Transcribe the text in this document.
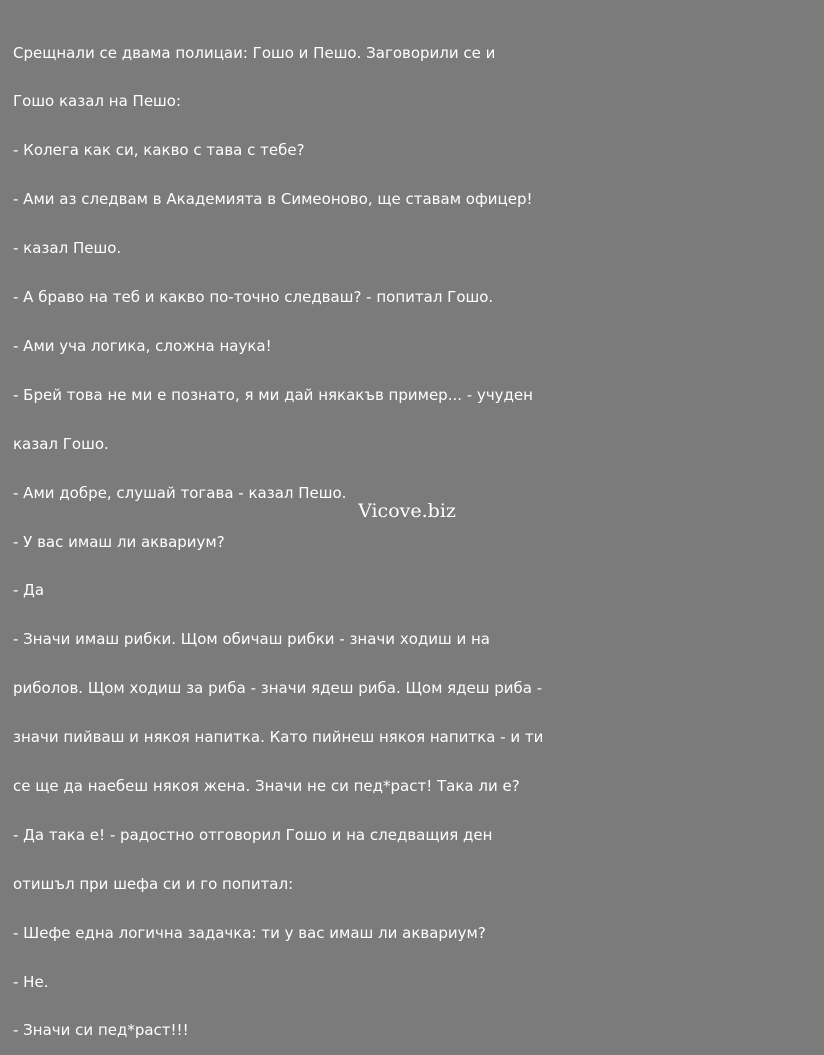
Срещнали се двама полицаи: Гошо и Пешо. Заговорили се и

Гошо казал на Пешо:

- Колега как си, какво с тава с тебе?

- Ами аз следвам в Академията в Симеоново, ще ставам офицер!

- казал Пешо.

- А браво на теб и какво по-точно следваш? - попитал Гошо.

- Ами уча логика, сложна наука!

- Брей това не ми е познато, я ми дай някакъв пример... - учуден

казал Гошо.

- Ами добре, слушай тогава - казал Пешо.

- У вас имаш ли аквариум?

- Да

- Значи имаш рибки. Щом обичаш рибки - значи ходиш и на

риболов. Щом ходиш за риба - значи ядеш риба. Щом ядеш риба -

значи пийваш и някоя напитка. Като пийнеш някоя напитка - и ти

се ще да наебеш някоя жена. Значи не си пед*раст! Така ли е?

- Да така е! - радостно отговорил Гошо и на следващия ден

отишъл при шефа си и го попитал:

- Шефе една логична задачка: ти у вас имаш ли аквариум?

- Не.

- Значи си пед*раст!!!

Vicove.biz
